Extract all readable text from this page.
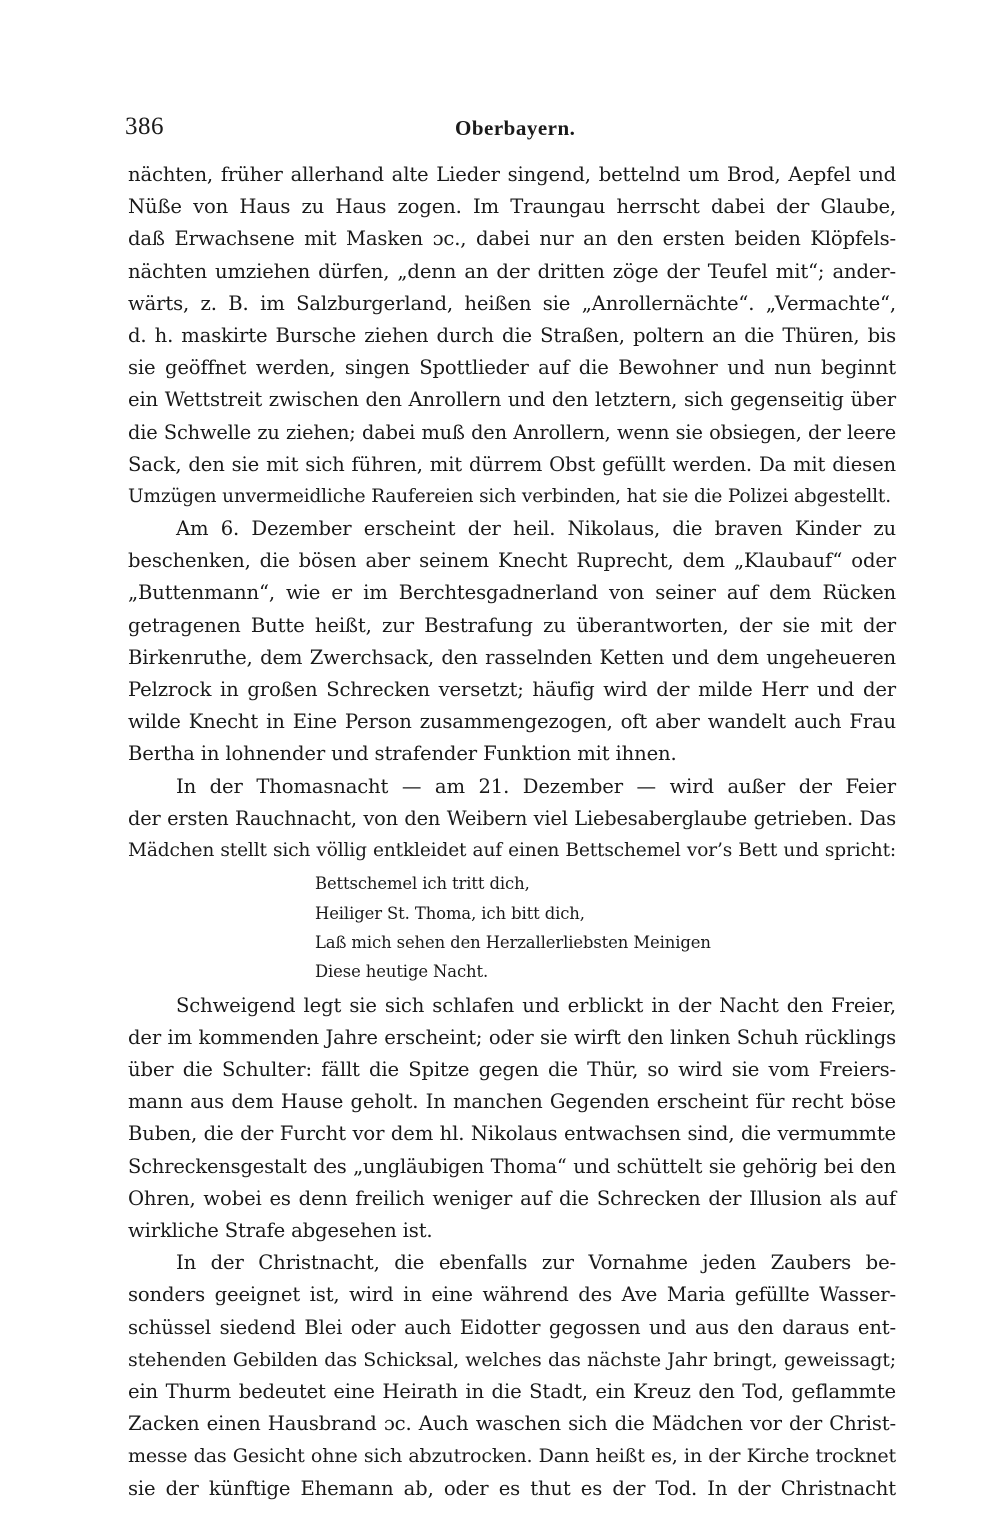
386	Oberbayern.
nächten, früher allerhand alte Lieder singend, bettelnd um Brod, Aepfel und
Nüße von Haus zu Haus zogen. Im Traungau herrscht dabei der Glaube,
daß Erwachsene mit Masken ɔc., dabei nur an den ersten beiden Klöpfels-
nächten umziehen dürfen, „denn an der dritten zöge der Teufel mit“; ander-
wärts, z. B. im Salzburgerland, heißen sie „Anrollernächte“. „Vermachte“,
d. h. maskirte Bursche ziehen durch die Straßen, poltern an die Thüren, bis
sie geöffnet werden, singen Spottlieder auf die Bewohner und nun beginnt
ein Wettstreit zwischen den Anrollern und den letztern, sich gegenseitig über
die Schwelle zu ziehen; dabei muß den Anrollern, wenn sie obsiegen, der leere
Sack, den sie mit sich führen, mit dürrem Obst gefüllt werden. Da mit diesen
Umzügen unvermeidliche Raufereien sich verbinden, hat sie die Polizei abgestellt.
Am 6. Dezember erscheint der heil. Nikolaus, die braven Kinder zu
beschenken, die bösen aber seinem Knecht Ruprecht, dem „Klaubauf“ oder
„Buttenmann“, wie er im Berchtesgadnerland von seiner auf dem Rücken
getragenen Butte heißt, zur Bestrafung zu überantworten, der sie mit der
Birkenruthe, dem Zwerchsack, den rasselnden Ketten und dem ungeheueren
Pelzrock in großen Schrecken versetzt; häufig wird der milde Herr und der
wilde Knecht in Eine Person zusammengezogen, oft aber wandelt auch Frau
Bertha in lohnender und strafender Funktion mit ihnen.
In der Thomasnacht — am 21. Dezember — wird außer der Feier
der ersten Rauchnacht, von den Weibern viel Liebesaberglaube getrieben. Das
Mädchen stellt sich völlig entkleidet auf einen Bettschemel vor’s Bett und spricht:
Bettschemel ich tritt dich,
Heiliger St. Thoma, ich bitt dich,
Laß mich sehen den Herzallerliebsten Meinigen
Diese heutige Nacht.
Schweigend legt sie sich schlafen und erblickt in der Nacht den Freier,
der im kommenden Jahre erscheint; oder sie wirft den linken Schuh rücklings
über die Schulter: fällt die Spitze gegen die Thür, so wird sie vom Freiers-
mann aus dem Hause geholt. In manchen Gegenden erscheint für recht böse
Buben, die der Furcht vor dem hl. Nikolaus entwachsen sind, die vermummte
Schreckensgestalt des „ungläubigen Thoma“ und schüttelt sie gehörig bei den
Ohren, wobei es denn freilich weniger auf die Schrecken der Illusion als auf
wirkliche Strafe abgesehen ist.
In der Christnacht, die ebenfalls zur Vornahme jeden Zaubers be-
sonders geeignet ist, wird in eine während des Ave Maria gefüllte Wasser-
schüssel siedend Blei oder auch Eidotter gegossen und aus den daraus ent-
stehenden Gebilden das Schicksal, welches das nächste Jahr bringt, geweissagt;
ein Thurm bedeutet eine Heirath in die Stadt, ein Kreuz den Tod, geflammte
Zacken einen Hausbrand ɔc. Auch waschen sich die Mädchen vor der Christ-
messe das Gesicht ohne sich abzutrocken. Dann heißt es, in der Kirche trocknet
sie der künftige Ehemann ab, oder es thut es der Tod. In der Christnacht
